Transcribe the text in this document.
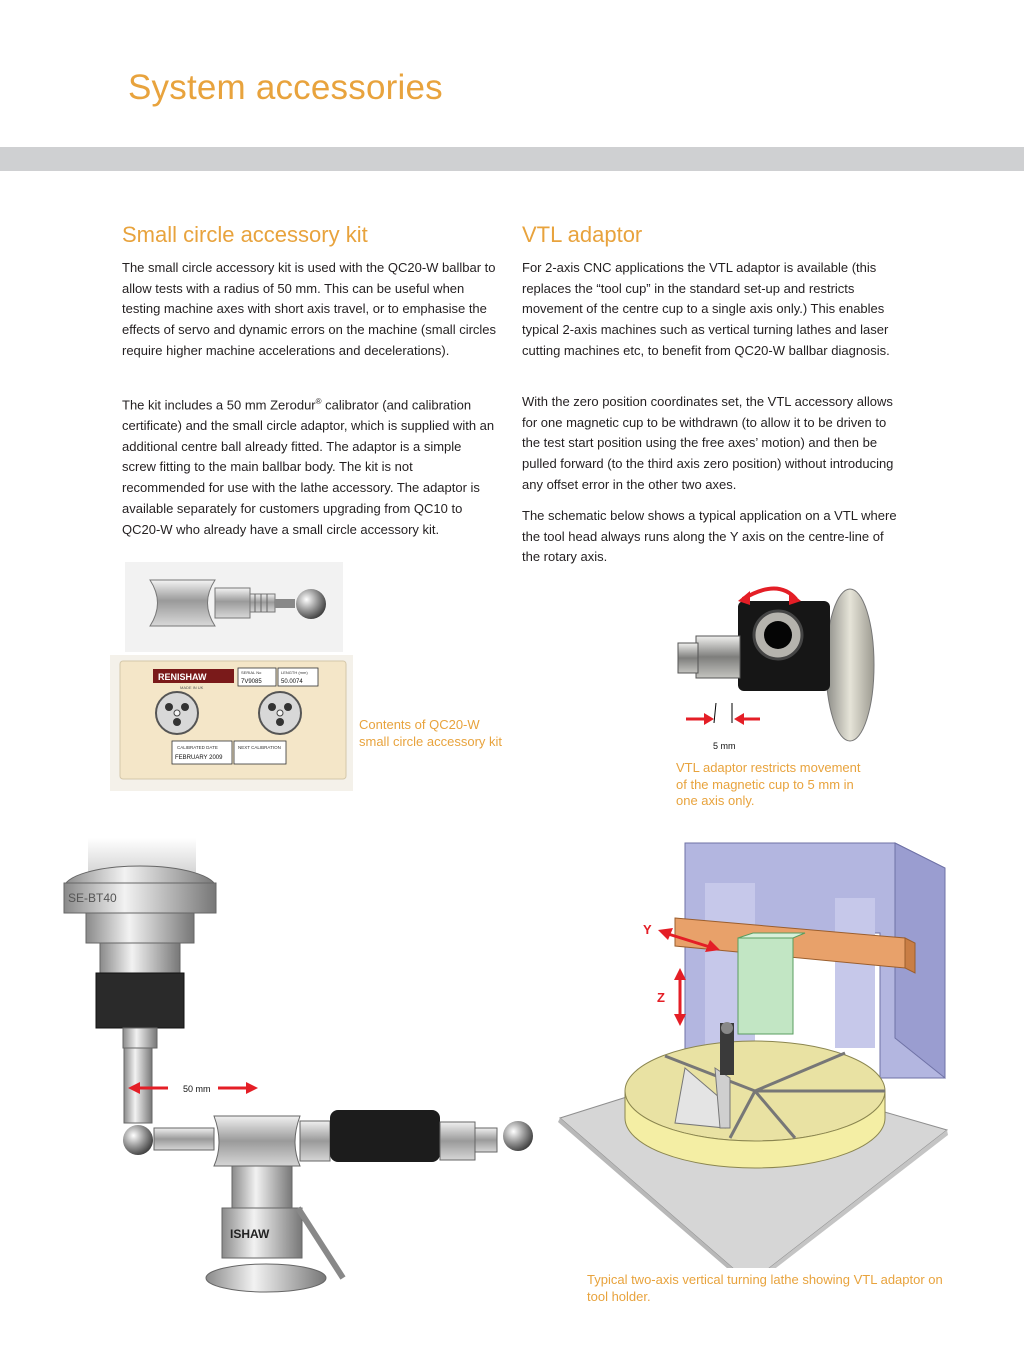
System accessories
Small circle accessory kit

The small circle accessory kit is used with the QC20-W ballbar to allow tests with a radius of 50 mm. This can be useful when testing machine axes with short axis travel, or to emphasise the effects of servo and dynamic errors on the machine (small circles require higher machine accelerations and decelerations).

The kit includes a 50 mm Zerodur® calibrator (and calibration certificate) and the small circle adaptor, which is supplied with an additional centre ball already fitted. The adaptor is a simple screw fitting to the main ballbar body. The kit is not recommended for use with the lathe accessory. The adaptor is available separately for customers upgrading from QC10 to QC20-W who already have a small circle accessory kit.

VTL adaptor

For 2-axis CNC applications the VTL adaptor is available (this replaces the “tool cup” in the standard set-up and restricts movement of the centre cup to a single axis only.) This enables typical 2-axis machines such as vertical turning lathes and laser cutting machines etc, to benefit from QC20-W ballbar diagnosis.

With the zero position coordinates set, the VTL accessory allows for one magnetic cup to be withdrawn (to allow it to be driven to the test start position using the free axes’ motion) and then be pulled forward (to the third axis zero position) without introducing any offset error in the other two axes.

The schematic below shows a typical application on a VTL where the tool head always runs along the Y axis on the centre-line of the rotary axis.

RENISHAW
MADE IN UK
SERIAL No
7V9085
LENGTH (mm)
50.0074
CALIBRATED DATE
FEBRUARY 2009
NEXT CALIBRATION

Contents of QC20-W small circle accessory kit	5 mm

VTL adaptor restricts movement of the magnetic cup to 5 mm in one axis only.

SE-BT40
50 mm
ISHAW
Y
Z

Typical two-axis vertical turning lathe showing VTL adaptor on tool holder.
